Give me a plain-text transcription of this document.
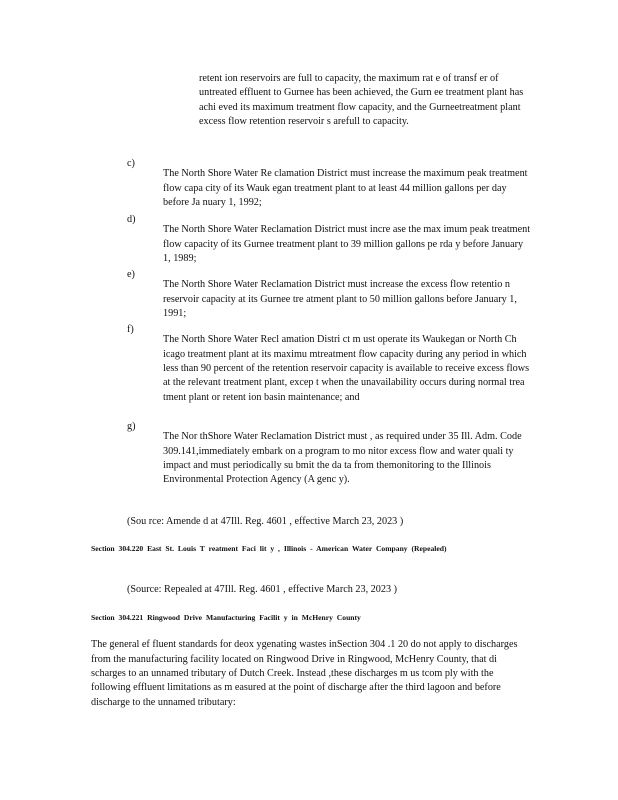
retent ion reservoirs are full to capacity, the maximum rat e of transf er of untreated effluent to Gurnee has been achieved, the Gurn ee treatment plant has achi eved its maximum treatment flow capacity, and the Gurneetreatment plant excess flow retention reservoir s arefull to capacity.

c)

The North Shore Water Re clamation District must increase the maximum peak treatment flow capa city of its Wauk egan treatment plant to at least 44 million gallons per day before Ja nuary 1, 1992;

d)

The North Shore Water Reclamation District must incre ase the max imum peak treatment flow capacity of its Gurnee treatment plant to 39 million gallons pe rda y before January 1, 1989;

e)

The North Shore Water Reclamation District must increase the excess flow retentio n reservoir capacity at its Gurnee tre atment plant to 50 million gallons before January 1, 1991;

f)

The North Shore Water Recl amation Distri ct m ust operate its Waukegan or North Ch icago treatment plant at its maximu mtreatment flow capacity during any period in which less than 90 percent of the retention reservoir capacity is available to receive excess flows at the relevant treatment plant, excep t when the unavailability occurs during normal trea tment plant or retent ion basin maintenance; and

g)

The Nor thShore Water Reclamation District must , as required under 35 Ill. Adm. Code 309.141,immediately embark on a program to mo nitor excess flow and water quali ty impact and must periodically su bmit the da ta from themonitoring to the Illinois Environmental Protection Agency (A genc y).

(Sou rce: Amende d at 47Ill. Reg. 4601 , effective March 23, 2023 )

Section 304.220 East St. Louis T reatment Faci lit y , Illinois - American Water Company (Repealed)

(Source: Repealed at 47Ill. Reg. 4601 , effective March 23, 2023 )

Section 304.221 Ringwood Drive Manufacturing Facilit y in McHenry County

The general ef fluent standards for deox ygenating wastes inSection 304 .1 20 do not apply to discharges from the manufacturing facility located on Ringwood Drive in Ringwood, McHenry County, that di scharges to an unnamed tributary of Dutch Creek. Instead ,these discharges m us tcom ply with the following effluent limitations as m easured at the point of discharge after the third lagoon and before discharge to the unnamed tributary:
